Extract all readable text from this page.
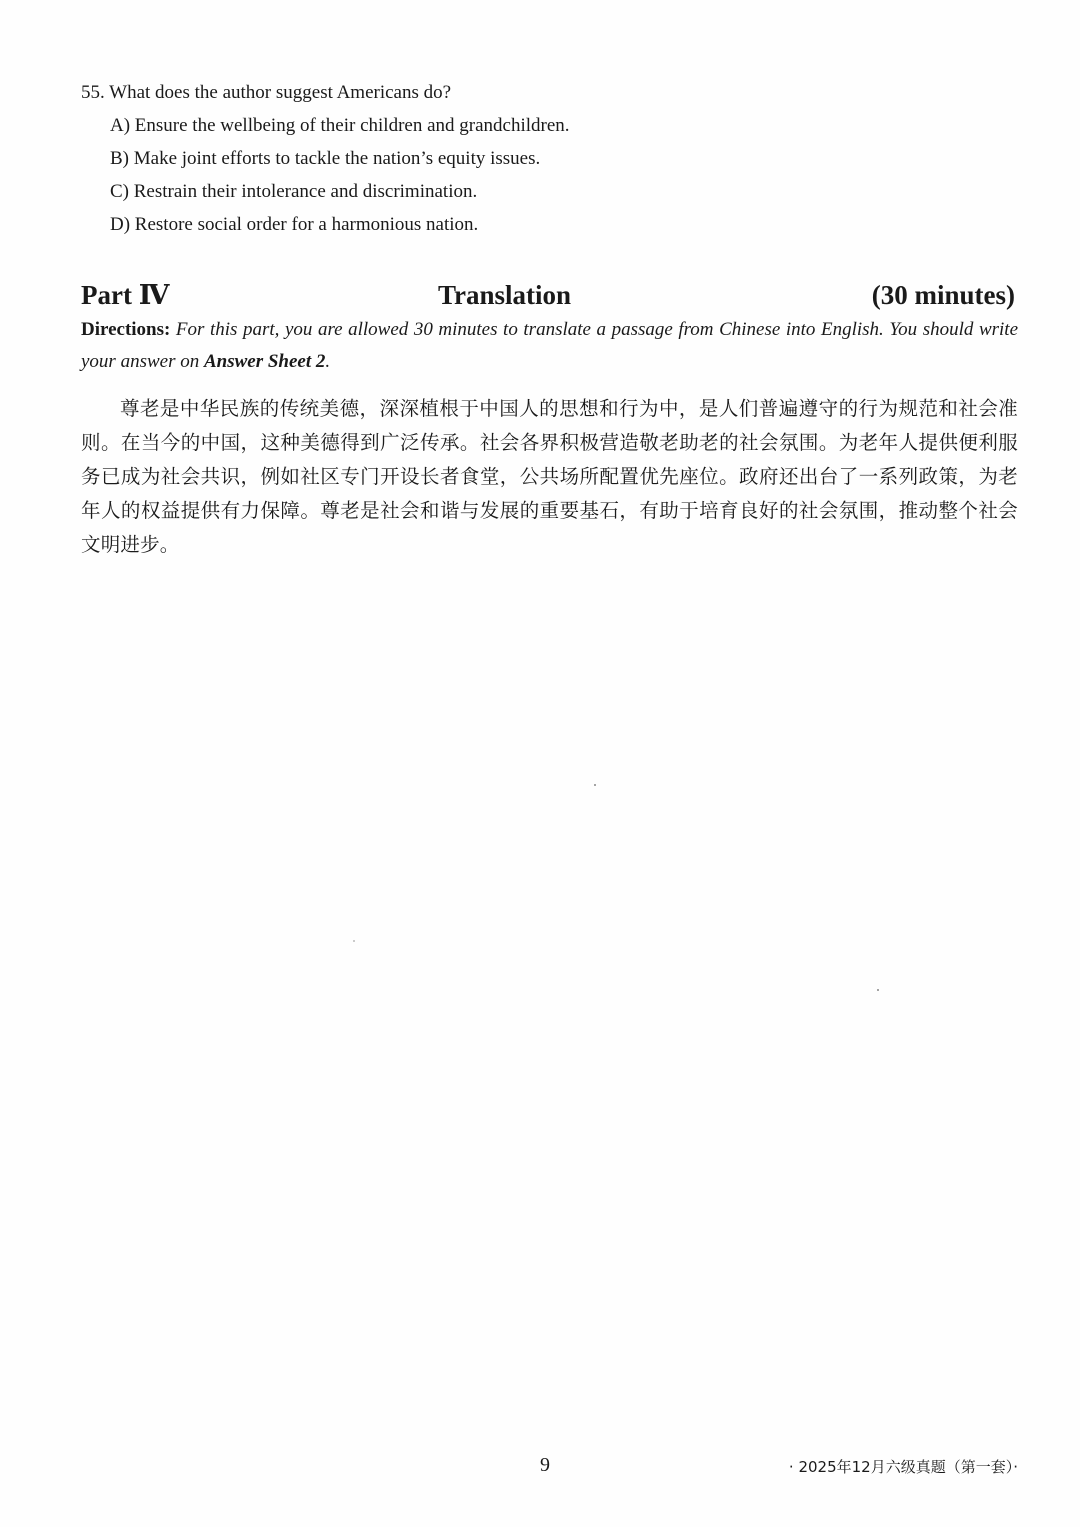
55. What does the author suggest Americans do?

A) Ensure the wellbeing of their children and grandchildren.

B) Make joint efforts to tackle the nation’s equity issues.

C) Restrain their intolerance and discrimination.

D) Restore social order for a harmonious nation.

Part Ⅳ	Translation	(30 minutes)
Directions: For this part, you are allowed 30 minutes to translate a passage from Chinese into English. You should write your answer on Answer Sheet 2.
尊老是中华民族的传统美德，深深植根于中国人的思想和行为中，是人们普遍遵守的行为规范和社会准则。在当今的中国，这种美德得到广泛传承。社会各界积极营造敬老助老的社会氛围。为老年人提供便利服务已成为社会共识，例如社区专门开设长者食堂，公共场所配置优先座位。政府还出台了一系列政策，为老年人的权益提供有力保障。尊老是社会和谐与发展的重要基石，有助于培育良好的社会氛围，推动整个社会文明进步。
9	· 2025年12月六级真题（第一套）·
